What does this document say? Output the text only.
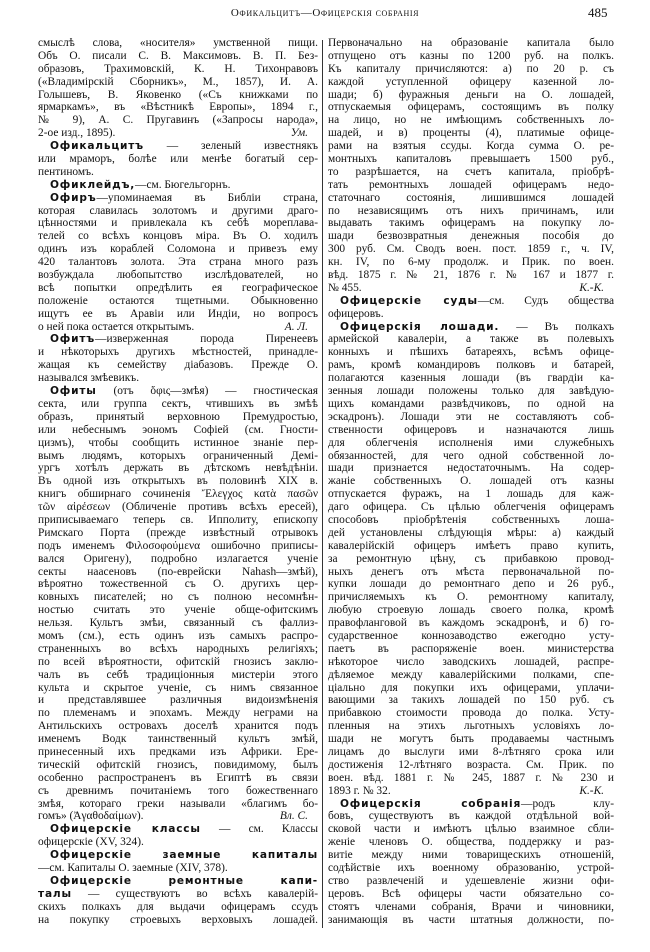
Офикальцитъ—Офицерскія собранія	485
смыслѣ слова, «носителя» умственной пищи.
Объ О. писали С. В. Максимовъ. В. П. Без-
образовъ, Трахимовскій, К. Н. Тихонравовъ
(«Владимірскій Сборникъ», М., 1857), И. А.
Голышевъ, В. Яковенко («Съ книжками по
ярмаркамъ», въ «Вѣстникѣ Европы», 1894 г.,
№ 9), А. С. Пругавинъ («Запросы народа»,
Ум.
2-ое изд., 1895).
Офикальцитъ — зеленый известнякъ
или мраморъ, болѣе или менѣе богатый сер-
пентиномъ.
Офиклейдъ,—см. Бюгельгорнъ.
Офиръ—упоминаемая въ Библіи страна,
которая славилась золотомъ и другими драго-
цѣнностями и привлекала къ себѣ мореплава-
телей со всѣхъ концовъ міра. Въ О. ходилъ
одинъ изъ кораблей Соломона и привезъ ему
420 талантовъ золота. Эта страна много разъ
возбуждала любопытство изслѣдователей, но
всѣ попытки опредѣлить ея географическое
положеніе остаются тщетными. Обыкновенно
ищутъ ее въ Аравіи или Индіи, но вопросъ
А. Л.
о ней пока остается открытымъ.
Офитъ—изверженная порода Пиренеевъ
и нѣкоторыхъ другихъ мѣстностей, принадле-
жащая къ семейству діабазовъ. Прежде О.
назывался змѣевикъ.
Офиты (отъ ὄφις—змѣя) — гностическая
секта, или группа сектъ, чтившихъ въ змѣѣ
образъ, принятый верховною Премудростью,
или небеснымъ эономъ Софіей (см. Гности-
цизмъ), чтобы сообщить истинное знаніе пер-
вымъ людямъ, которыхъ ограниченный Демі-
ургъ хотѣлъ держать въ дѣтскомъ невѣдѣніи.
Въ одной изъ открытыхъ въ половинѣ XIX в.
книгъ обширнаго сочиненія Ἔλεγχος κατὰ πασῶν
τῶν αἱρέσεων (Обличеніе противъ всѣхъ ересей),
приписываемаго теперь св. Ипполиту, епископу
Римскаго Порта (прежде извѣстный отрывокъ
подъ именемъ Φιλοσοφούμενα ошибочно приписы-
вался Оригену), подробно излагается ученіе
секты наасеновъ (по-еврейски Nahash—змѣй),
вѣроятно тожественной съ О. другихъ цер-
ковныхъ писателей; но съ полною несомнѣн-
ностью считать это ученіе обще-офитскимъ
нельзя. Культъ змѣи, связанный съ фаллиз-
момъ (см.), есть одинъ изъ самыхъ распро-
страненныхъ во всѣхъ народныхъ религіяхъ;
по всей вѣроятности, офитскій гнозисъ заклю-
чалъ въ себѣ традиціонныя мистеріи этого
культа и скрытое ученіе, съ нимъ связанное
и представлявшее различныя видоизмѣненія
по племенамъ и эпохамъ. Между неграми на
Антильскихъ островахъ доселѣ хранится подъ
именемъ Водк таинственный культъ змѣй,
принесенный ихъ предками изъ Африки. Ере-
тическій офитскій гнозисъ, повидимому, былъ
особенно распространенъ въ Египтѣ въ связи
съ древнимъ почитаніемъ того божественнаго
змѣя, котораго греки называли «благимъ бо-
Вл. С.
гомъ» (Ἀγαθοδαίμων).
Офицерскіе классы — см. Классы
офицерскіе (XV, 324).
Офицерскіе заемные капиталы
—см. Капиталы О. заемные (XIV, 378).
Офицерскіе ремонтные капи-
талы — существуютъ во всѣхъ кавалерій-
скихъ полкахъ для выдачи офицерамъ ссудъ
на покупку строевыхъ верховыхъ лошадей.
Первоначально на образованіе капитала было
отпущено отъ казны по 1200 руб. на полкъ.
Къ капиталу причисляются: а) по 20 р. съ
каждой уступленной офицеру казенной ло-
шади; б) фуражныя деньги на О. лошадей,
отпускаемыя офицерамъ, состоящимъ въ полку
на лицо, но не имѣющимъ собственныхъ ло-
шадей, и в) проценты (4), платимые офице-
рами на взятыя ссуды. Когда сумма О. ре-
монтныхъ капиталовъ превышаетъ 1500 руб.,
то разрѣшается, на счетъ капитала, пріобрѣ-
тать ремонтныхъ лошадей офицерамъ недо-
статочнаго состоянія, лишившимся лошадей
по независящимъ отъ нихъ причинамъ, или
выдавать такимъ офицерамъ на покупку ло-
шади безвозвратныя денежныя пособія до
300 руб. См. Сводъ воен. пост. 1859 г., ч. IV,
кн. IV, по 6-му продолж. и Прик. по воен.
вѣд. 1875 г. № 21, 1876 г. № 167 и 1877 г.
К.-К.
№ 455.
Офицерскіе суды—см. Судъ общества
офицеровъ.
Офицерскія лошади. — Въ полкахъ
армейской кавалеріи, а также въ полевыхъ
конныхъ и пѣшихъ батареяхъ, всѣмъ офице-
рамъ, кромѣ командировъ полковъ и батарей,
полагаются казенныя лошади (въ гвардіи ка-
зенныя лошади положены только для завѣдую-
щихъ командами развѣдчиковъ, по одной на
эскадронъ). Лошади эти не составляютъ соб-
ственности офицеровъ и назначаются лишь
для облегченія исполненія ими служебныхъ
обязанностей, для чего одной собственной ло-
шади признается недостаточнымъ. На содер-
жаніе собственныхъ О. лошадей отъ казны
отпускается фуражъ, на 1 лошадь для каж-
даго офицера. Съ цѣлью облегченія офицерамъ
способовъ пріобрѣтенія собственныхъ лоша-
дей установлены слѣдующія мѣры: а) каждый
кавалерійскій офицеръ имѣетъ право купить,
за ремонтную цѣну, съ прибавкою провод-
ныхъ денегъ отъ мѣста первоначальной по-
купки лошади до ремонтнаго депо и 26 руб.,
причисляемыхъ къ О. ремонтному капиталу,
любую строевую лошадь своего полка, кромѣ
правофланговой въ каждомъ эскадронѣ, и б) го-
сударственное коннозаводство ежегодно усту-
паетъ въ распоряженіе воен. министерства
нѣкоторое число заводскихъ лошадей, распре-
дѣляемое между кавалерійскими полками, спе-
ціально для покупки ихъ офицерами, уплачи-
вающими за такихъ лошадей по 150 руб. съ
прибавкою стоимости провода до полка. Усту-
пленныя на этихъ льготныхъ условіяхъ ло-
шади не могутъ быть продаваемы частнымъ
лицамъ до выслуги ими 8-лѣтняго срока или
достиженія 12-лѣтняго возраста. См. Прик. по
воен. вѣд. 1881 г. № 245, 1887 г. № 230 и
К.-К.
1893 г. № 32.
Офицерскія собранія—родъ клу-
бовъ, существуютъ въ каждой отдѣльной вой-
сковой части и имѣютъ цѣлью взаимное сбли-
женіе членовъ О. общества, поддержку и раз-
витіе между ними товарищескихъ отношеній,
содѣйствіе ихъ военному образованію, устрой-
ство развлеченій и удешевленіе жизни офи-
церовъ. Всѣ офицеры части обязательно со-
стоятъ членами собранія, Врачи и чиновники,
занимающія въ части штатныя должности, по-
